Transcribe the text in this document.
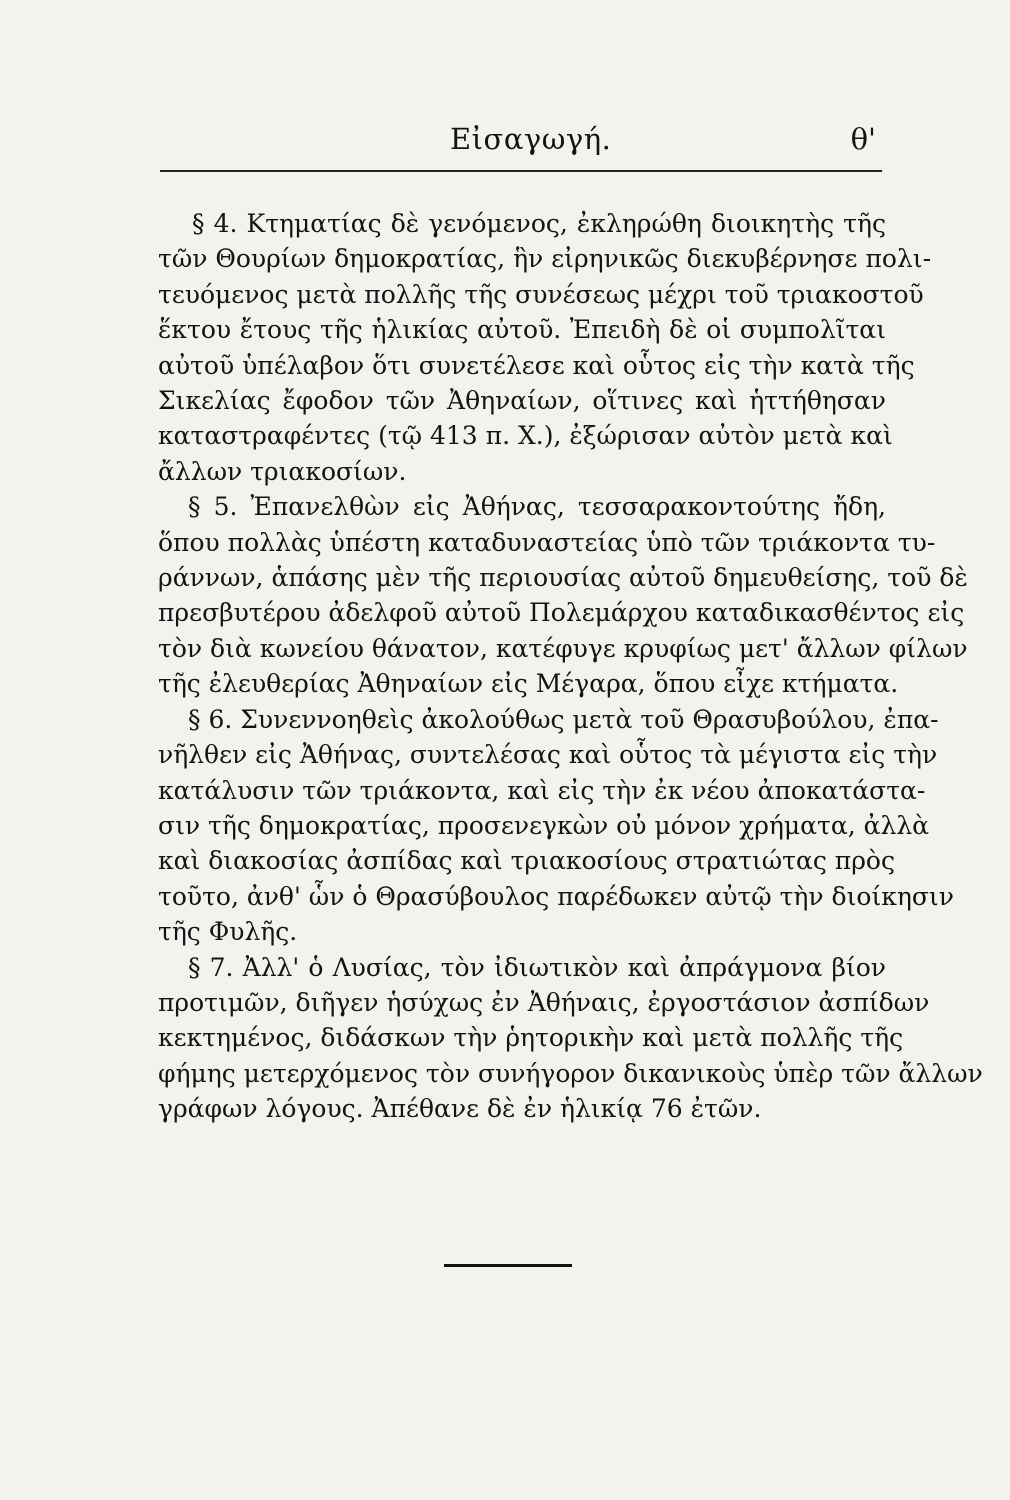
Εἰσαγωγή.	θ'
§ 4. Κτηματίας δὲ γενόμενος, ἐκληρώθη διοικητὴς τῆς
τῶν Θουρίων δημοκρατίας, ἣν εἰρηνικῶς διεκυβέρνησε πολι-
τευόμενος μετὰ πολλῆς τῆς συνέσεως μέχρι τοῦ τριακοστοῦ
ἕκτου ἔτους τῆς ἡλικίας αὐτοῦ. Ἐπειδὴ δὲ οἱ συμπολῖται
αὐτοῦ ὑπέλαβον ὅτι συνετέλεσε καὶ οὗτος εἰς τὴν κατὰ τῆς
Σικελίας ἔφοδον τῶν Ἀθηναίων, οἵτινες καὶ ἡττήθησαν
καταστραφέντες (τῷ 413 π. Χ.), ἐξώρισαν αὐτὸν μετὰ καὶ
ἄλλων τριακοσίων.
§ 5. Ἐπανελθὼν εἰς Ἀθήνας, τεσσαρακοντούτης ἤδη,
ὅπου πολλὰς ὑπέστη καταδυναστείας ὑπὸ τῶν τριάκοντα τυ-
ράννων, ἁπάσης μὲν τῆς περιουσίας αὐτοῦ δημευθείσης, τοῦ δὲ
πρεσβυτέρου ἀδελφοῦ αὐτοῦ Πολεμάρχου καταδικασθέντος εἰς
τὸν διὰ κωνείου θάνατον, κατέφυγε κρυφίως μετ' ἄλλων φίλων
τῆς ἐλευθερίας Ἀθηναίων εἰς Μέγαρα, ὅπου εἶχε κτήματα.
§ 6. Συνεννοηθεὶς ἀκολούθως μετὰ τοῦ Θρασυβούλου, ἐπα-
νῆλθεν εἰς Ἀθήνας, συντελέσας καὶ οὗτος τὰ μέγιστα εἰς τὴν
κατάλυσιν τῶν τριάκοντα, καὶ εἰς τὴν ἐκ νέου ἀποκατάστα-
σιν τῆς δημοκρατίας, προσενεγκὼν οὐ μόνον χρήματα, ἀλλὰ
καὶ διακοσίας ἀσπίδας καὶ τριακοσίους στρατιώτας πρὸς
τοῦτο, ἀνθ' ὧν ὁ Θρασύβουλος παρέδωκεν αὐτῷ τὴν διοίκησιν
τῆς Φυλῆς.
§ 7. Ἀλλ' ὁ Λυσίας, τὸν ἰδιωτικὸν καὶ ἀπράγμονα βίον
προτιμῶν, διῆγεν ἡσύχως ἐν Ἀθήναις, ἐργοστάσιον ἀσπίδων
κεκτημένος, διδάσκων τὴν ῥητορικὴν καὶ μετὰ πολλῆς τῆς
φήμης μετερχόμενος τὸν συνήγορον δικανικοὺς ὑπὲρ τῶν ἄλλων
γράφων λόγους. Ἀπέθανε δὲ ἐν ἡλικίᾳ 76 ἐτῶν.
